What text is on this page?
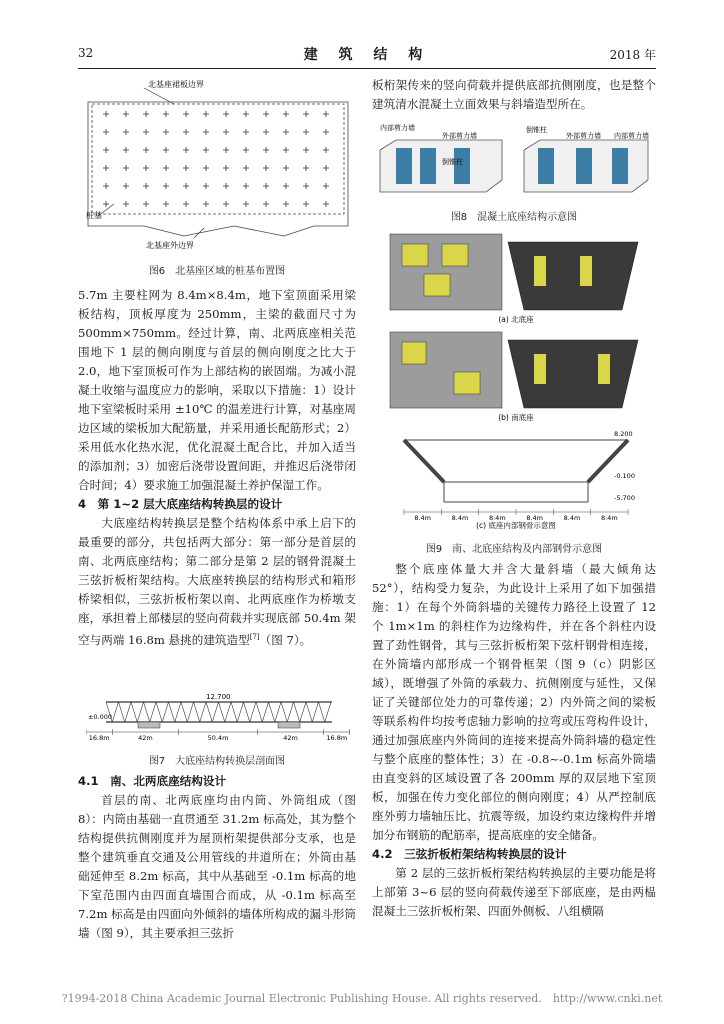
32	建 筑 结 构	2018 年
北基座裙板边界
桩基
北基座外边界
图6　北基座区域的桩基布置图

5.7m 主要柱网为 8.4m×8.4m，地下室顶面采用梁板结构，顶板厚度为 250mm，主梁的截面尺寸为 500mm×750mm。经过计算，南、北两底座相关范围地下 1 层的侧向刚度与首层的侧向刚度之比大于 2.0，地下室顶板可作为上部结构的嵌固端。为减小混凝土收缩与温度应力的影响，采取以下措施：1）设计地下室梁板时采用 ±10℃ 的温差进行计算，对基座周边区域的梁板加大配筋量，并采用通长配筋形式；2）采用低水化热水泥，优化混凝土配合比，并加入适当的添加剂；3）加密后浇带设置间距，并推迟后浇带闭合时间；4）要求施工加强混凝土养护保湿工作。

4　第 1~2 层大底座结构转换层的设计

大底座结构转换层是整个结构体系中承上启下的最重要的部分，共包括两大部分：第一部分是首层的南、北两底座结构；第二部分是第 2 层的钢骨混凝土三弦折板桁架结构。大底座转换层的结构形式和箱形桥梁相似，三弦折板桁架以南、北两底座作为桥墩支座，承担着上部楼层的竖向荷载并实现底部 50.4m 架空与两端 16.8m 悬挑的建筑造型[7]（图 7）。

12.700
±0.000
16.8m	42m	50.4m	42m	16.8m
图7　大底座结构转换层剖面图

4.1　南、北两底座结构设计

首层的南、北两底座均由内筒、外筒组成（图 8）：内筒由基础一直贯通至 31.2m 标高处，其为整个结构提供抗侧刚度并为屋顶桁架提供部分支承，也是整个建筑垂直交通及公用管线的井道所在；外筒由基础延伸至 8.2m 标高，其中从基础至 -0.1m 标高的地下室范围内由四面直墙围合而成，从 -0.1m 标高至 7.2m 标高是由四面向外倾斜的墙体所构成的漏斗形筒墙（图 9），其主要承担三弦折

板桁架传来的竖向荷载并提供底部抗侧刚度，也是整个建筑清水混凝土立面效果与斜墙造型所在。

内部剪力墙
外部剪力墙
倒锥柱
倒锥柱
外部剪力墙 内部剪力墙
图8　混凝土底座结构示意图
(a) 北底座
(b) 南底座
8.200
-0.100
-5.700
8.4m	8.4m	8.4m	8.4m	8.4m	8.4m
(c) 底座内部钢骨示意图
图9　南、北底座结构及内部钢骨示意图

整个底座体量大并含大量斜墙（最大倾角达 52°），结构受力复杂，为此设计上采用了如下加强措施：1）在每个外筒斜墙的关键传力路径上设置了 12 个 1m×1m 的斜柱作为边缘构件，并在各个斜柱内设置了劲性钢骨，其与三弦折板桁架下弦杆钢骨相连接，在外筒墙内部形成一个钢骨框架（图 9（c）阴影区域），既增强了外筒的承载力、抗侧刚度与延性，又保证了关键部位处力的可靠传递；2）内外筒之间的梁板等联系构件均按考虑轴力影响的拉弯或压弯构件设计，通过加强底座内外筒间的连接来提高外筒斜墙的稳定性与整个底座的整体性；3）在 -0.8~-0.1m 标高外筒墙由直变斜的区域设置了各 200mm 厚的双层地下室顶板，加强在传力变化部位的侧向刚度；4）从严控制底座外剪力墙轴压比、抗震等级，加设约束边缘构件并增加分布钢筋的配筋率，提高底座的安全储备。

4.2　三弦折板桁架结构转换层的设计

第 2 层的三弦折板桁架结构转换层的主要功能是将上部第 3~6 层的竖向荷载传递至下部底座，是由两榀混凝土三弦折板桁架、四面外侧板、八组横隔

?1994-2018 China Academic Journal Electronic Publishing House. All rights reserved.　http://www.cnki.net
